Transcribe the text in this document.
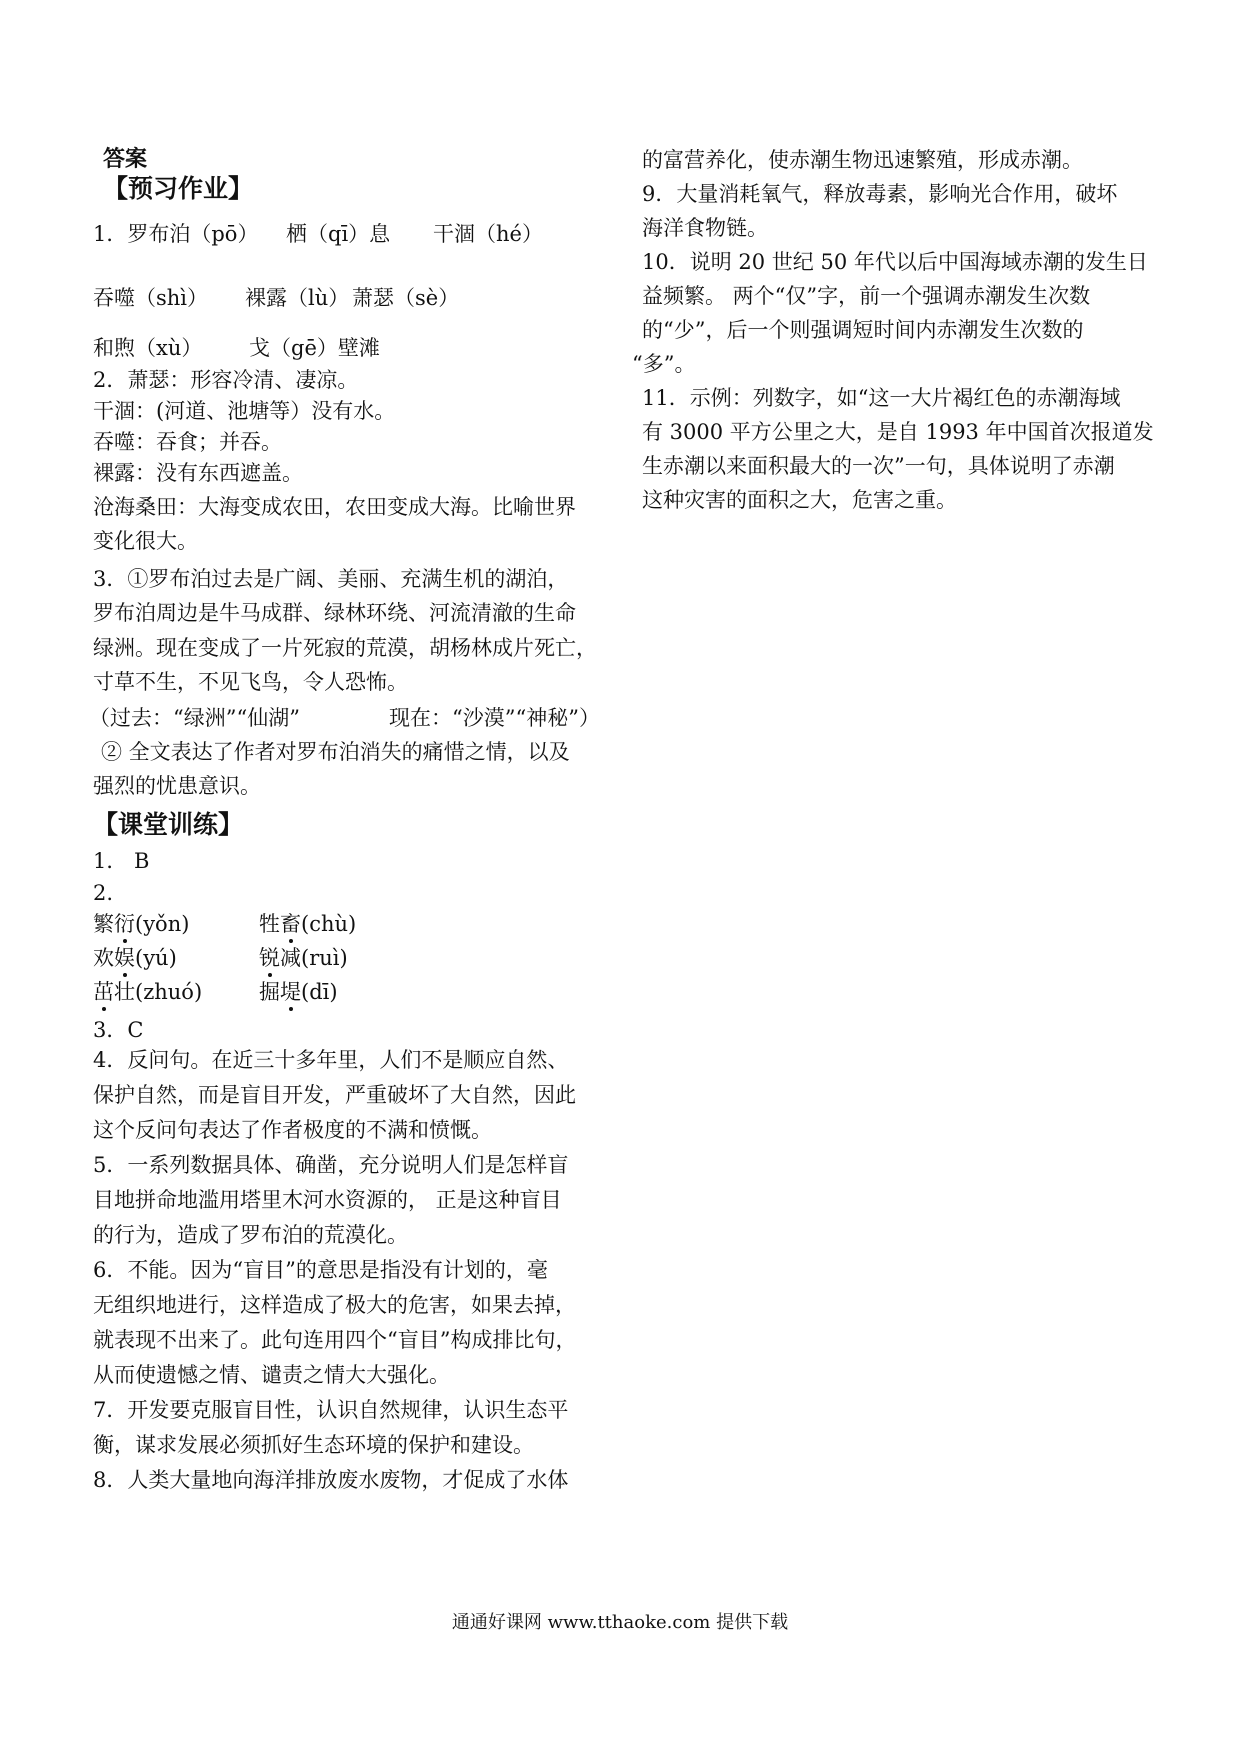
答案
【预习作业】
1．罗布泊（pō） 栖（qī）息 干涸（hé）
吞噬（shì） 裸露（lù） 萧瑟（sè）
和煦（xù） 戈（gē）壁滩
2．萧瑟：形容冷清、凄凉。
干涸：(河道、池塘等）没有水。
吞噬：吞食；并吞。
裸露：没有东西遮盖。
沧海桑田：大海变成农田，农田变成大海。比喻世界
变化很大。
3．①罗布泊过去是广阔、美丽、充满生机的湖泊，
罗布泊周边是牛马成群、绿林环绕、河流清澈的生命
绿洲。现在变成了一片死寂的荒漠，胡杨林成片死亡，
寸草不生，不见飞鸟，令人恐怖。
（过去：“绿洲”“仙湖”	现在：“沙漠”“神秘”）
② 全文表达了作者对罗布泊消失的痛惜之情，以及
强烈的忧患意识。
【课堂训练】
1． B
2.
繁衍(yǒn)	牲畜(chù)
欢娱(yú)	锐减(ruì)
茁壮(zhuó)	掘堤(dī)
3．C
4．反问句。在近三十多年里，人们不是顺应自然、
保护自然，而是盲目开发，严重破坏了大自然，因此
这个反问句表达了作者极度的不满和愤慨。
5．一系列数据具体、确凿，充分说明人们是怎样盲
目地拼命地滥用塔里木河水资源的， 正是这种盲目
的行为，造成了罗布泊的荒漠化。
6．不能。因为“盲目”的意思是指没有计划的，毫
无组织地进行，这样造成了极大的危害，如果去掉，
就表现不出来了。此句连用四个“盲目”构成排比句，
从而使遗憾之情、谴责之情大大强化。
7．开发要克服盲目性，认识自然规律，认识生态平
衡，谋求发展必须抓好生态环境的保护和建设。
8．人类大量地向海洋排放废水废物，才促成了水体
的富营养化，使赤潮生物迅速繁殖，形成赤潮。
9．大量消耗氧气，释放毒素，影响光合作用，破坏
海洋食物链。
10．说明 20 世纪 50 年代以后中国海域赤潮的发生日
益频繁。 两个“仅”字，前一个强调赤潮发生次数
的“少”，后一个则强调短时间内赤潮发生次数的
“多”。
11．示例：列数字，如“这一大片褐红色的赤潮海域
有 3000 平方公里之大，是自 1993 年中国首次报道发
生赤潮以来面积最大的一次”一句，具体说明了赤潮
这种灾害的面积之大，危害之重。
通通好课网 www.tthaoke.com 提供下载
